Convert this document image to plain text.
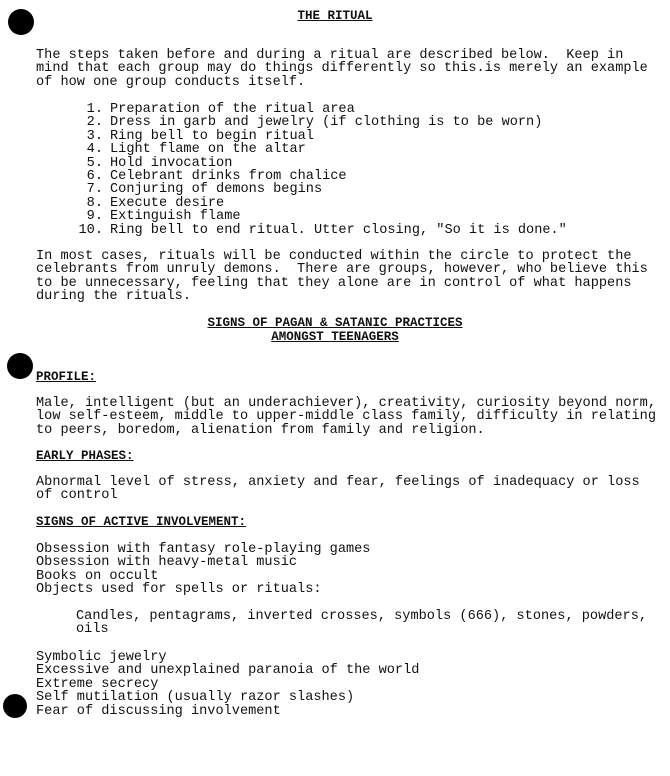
THE RITUAL
The steps taken before and during a ritual are described below.  Keep in mind that each group may do things differently so this.is merely an example of how one group conducts itself.
1. Preparation of the ritual area
2. Dress in garb and jewelry (if clothing is to be worn)
3. Ring bell to begin ritual
4. Light flame on the altar
5. Hold invocation
6. Celebrant drinks from chalice
7. Conjuring of demons begins
8. Execute desire
9. Extinguish flame
10. Ring bell to end ritual. Utter closing, "So it is done."
In most cases, rituals will be conducted within the circle to protect the celebrants from unruly demons.  There are groups, however, who believe this to be unnecessary, feeling that they alone are in control of what happens during the rituals.
SIGNS OF PAGAN & SATANIC PRACTICES
AMONGST TEENAGERS
PROFILE:
Male, intelligent (but an underachiever), creativity, curiosity beyond norm, low self-esteem, middle to upper-middle class family, difficulty in relating to peers, boredom, alienation from family and religion.
EARLY PHASES:
Abnormal level of stress, anxiety and fear, feelings of inadequacy or loss of control
SIGNS OF ACTIVE INVOLVEMENT:
Obsession with fantasy role-playing games
Obsession with heavy-metal music
Books on occult
Objects used for spells or rituals:
Candles, pentagrams, inverted crosses, symbols (666), stones, powders, oils
Symbolic jewelry
Excessive and unexplained paranoia of the world
Extreme secrecy
Self mutilation (usually razor slashes)
Fear of discussing involvement
